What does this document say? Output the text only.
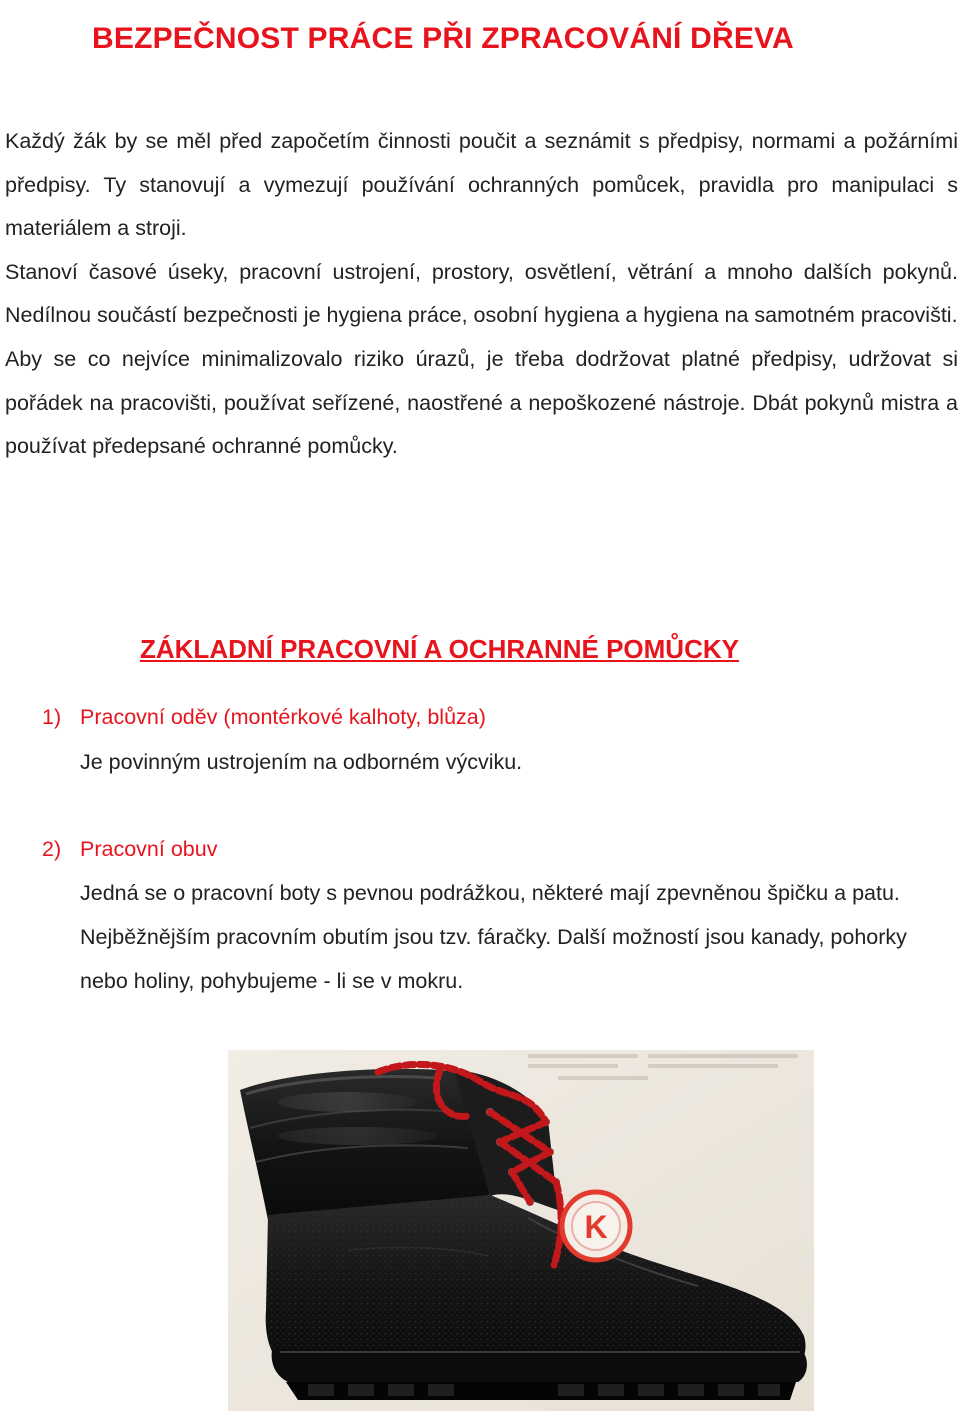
BEZPEČNOST PRÁCE PŘI ZPRACOVÁNÍ DŘEVA

Každý žák by se měl před započetím činnosti poučit a seznámit s předpisy, normami a požárními předpisy. Ty stanovují a vymezují používání ochranných pomůcek, pravidla pro manipulaci s materiálem a stroji.

Stanoví časové úseky, pracovní ustrojení, prostory, osvětlení, větrání a mnoho dalších pokynů. Nedílnou součástí bezpečnosti je hygiena práce, osobní hygiena a hygiena na samotném pracovišti.

Aby se co nejvíce minimalizovalo riziko úrazů, je třeba dodržovat platné předpisy, udržovat si pořádek na pracovišti, používat seřízené, naostřené a nepoškozené nástroje. Dbát pokynů mistra a používat předepsané ochranné pomůcky.

ZÁKLADNÍ PRACOVNÍ A OCHRANNÉ POMŮCKY
1) Pracovní oděv (montérkové kalhoty, blůza)

Je povinným ustrojením na odborném výcviku.

2) Pracovní obuv

Jedná se o pracovní boty s pevnou podrážkou, některé mají zpevněnou špičku a patu. Nejběžnějším pracovním obutím jsou tzv. fáračky. Další možností jsou kanady, pohorky nebo holiny, pohybujeme - li se v mokru.

K
